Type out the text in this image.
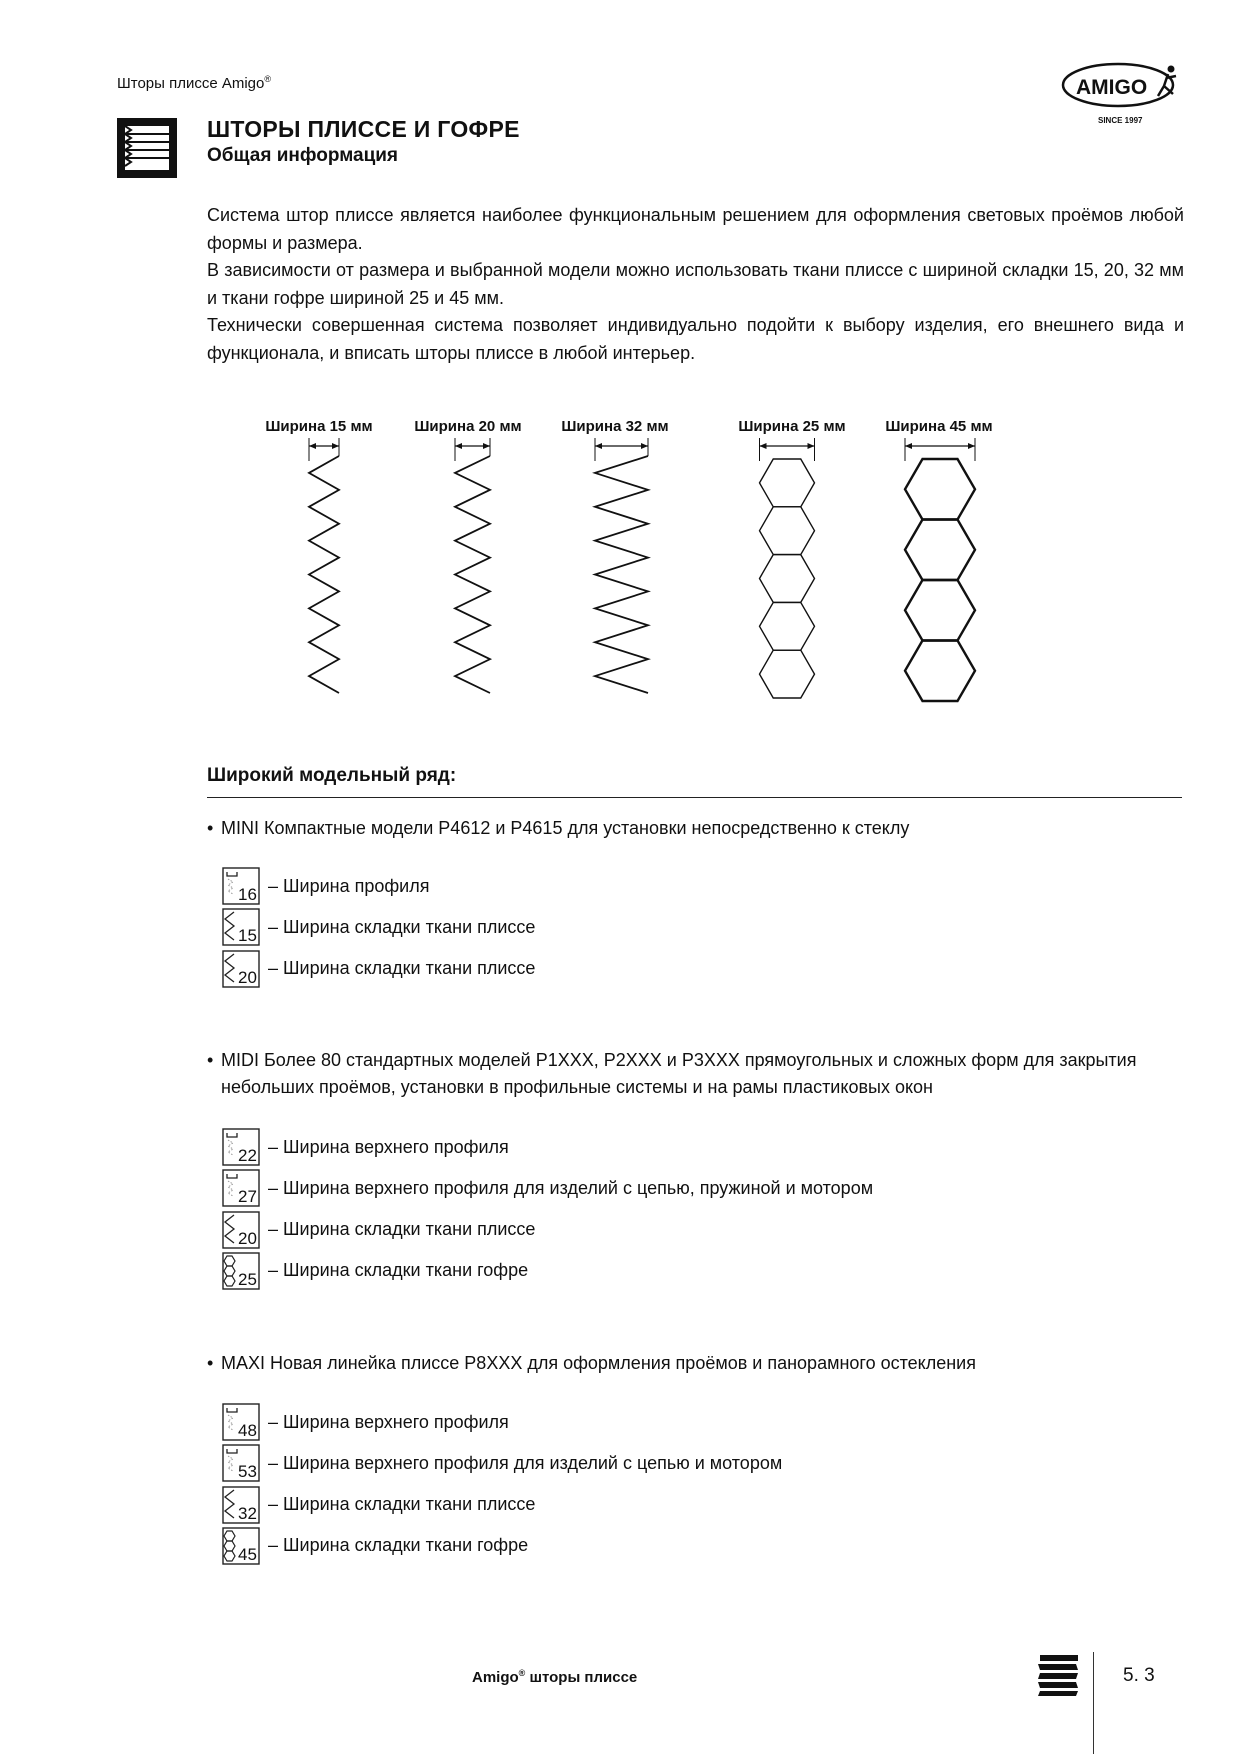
Шторы плиссе Amigo®	AMIGO
SINCE 1997
ШТОРЫ ПЛИССЕ И ГОФРЕ
Общая информация

Система штор плиссе является наиболее функциональным решением для оформления световых проёмов любой формы и размера.

В зависимости от размера и выбранной модели можно использовать ткани плиссе с шириной складки 15, 20, 32 мм и ткани гофре шириной 25 и 45 мм.

Технически совершенная система позволяет индивидуально подойти к выбору изделия, его внешнего вида и функционала, и вписать шторы плиссе в любой интерьер.

Ширина 15 мм	Ширина 20 мм	Ширина 32 мм	Ширина 25 мм	Ширина 45 мм
Широкий модельный ряд:
• MINI Компактные модели P4612 и P4615 для установки непосредственно к стеклу
16 – Ширина профиля
15 – Ширина складки ткани плиссе
20 – Ширина складки ткани плиссе
• MIDI Более 80 стандартных моделей P1XXX, P2XXX и P3XXX прямоугольных и сложных форм для закрытия
небольших проёмов, установки в профильные системы и на рамы пластиковых окон
22 – Ширина верхнего профиля
27 – Ширина верхнего профиля для изделий с цепью, пружиной и мотором
20 – Ширина складки ткани плиссе
25 – Ширина складки ткани гофре
• MAXI Новая линейка плиссе P8XXX для оформления проёмов и панорамного остекления
48 – Ширина верхнего профиля
53 – Ширина верхнего профиля для изделий с цепью и мотором
32 – Ширина складки ткани плиссе
45 – Ширина складки ткани гофре
Amigo® шторы плиссе	5. 3
